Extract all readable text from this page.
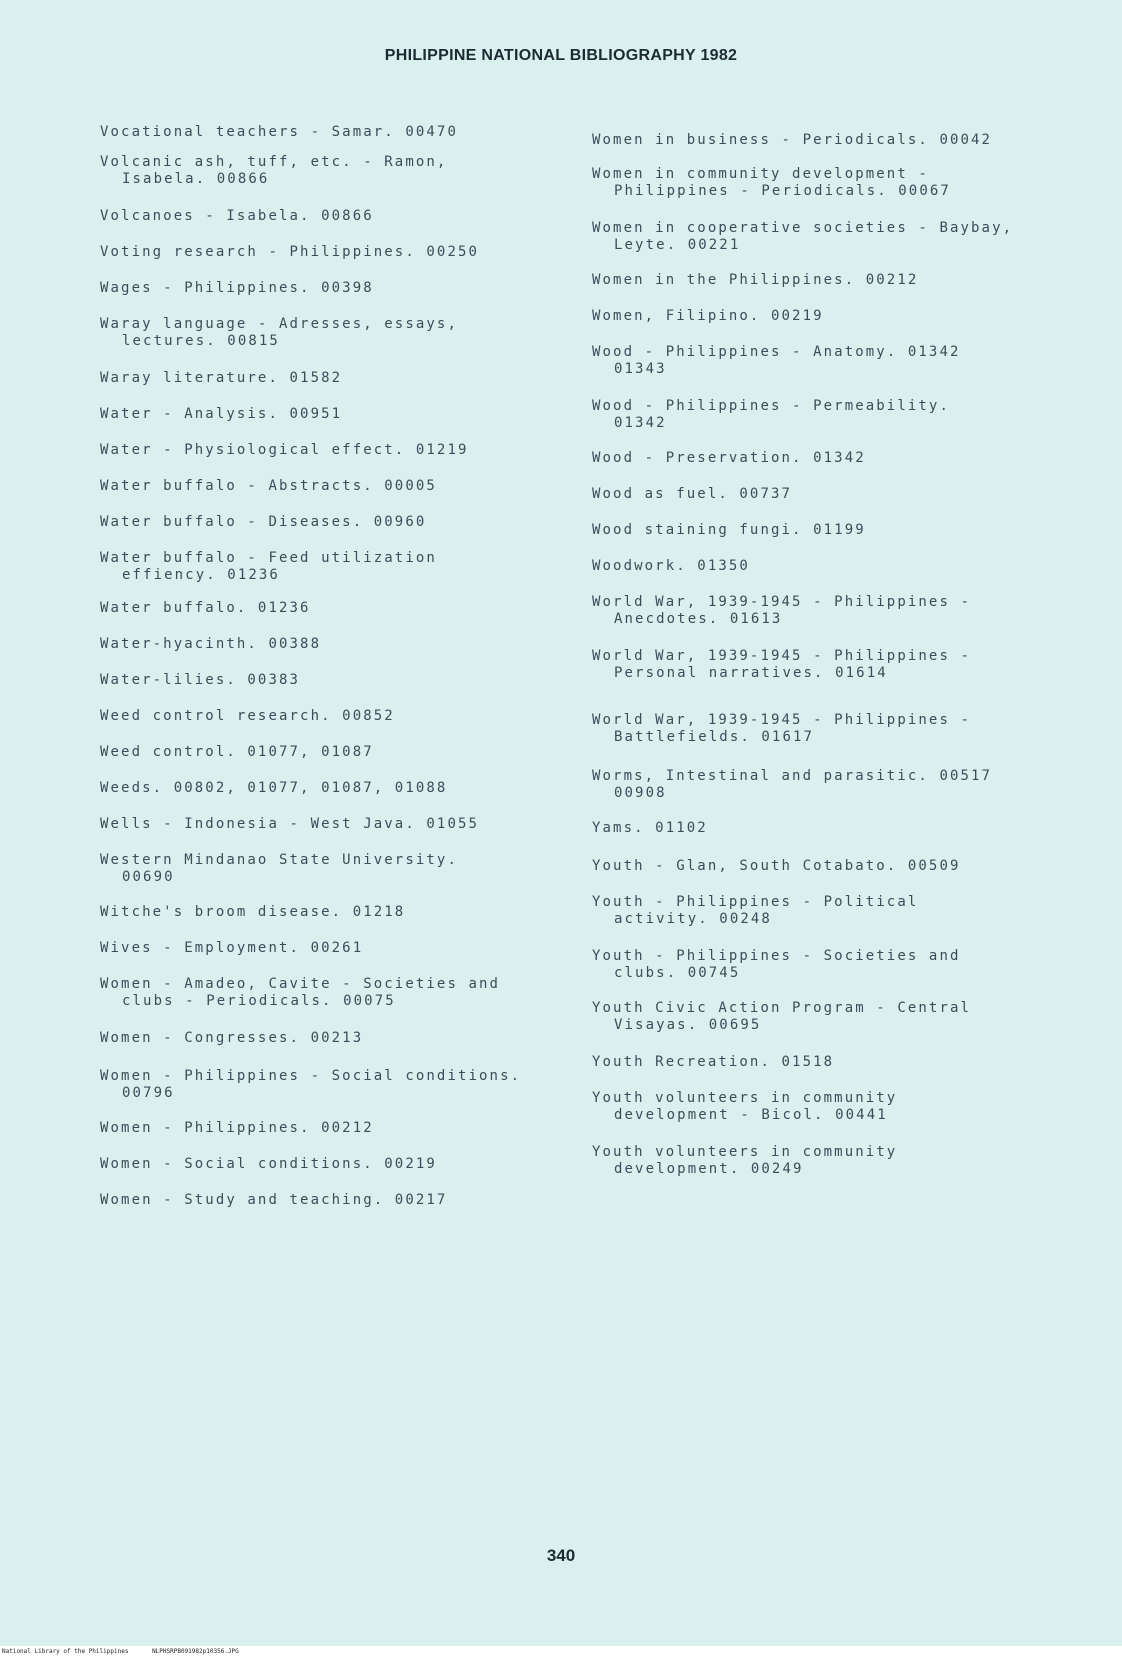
PHILIPPINE NATIONAL BIBLIOGRAPHY 1982
Vocational teachers - Samar. 00470
Volcanic ash, tuff, etc. - Ramon,
Isabela. 00866
Volcanoes - Isabela. 00866
Voting research - Philippines. 00250
Wages - Philippines. 00398
Waray language - Adresses, essays,
lectures. 00815
Waray literature. 01582
Water - Analysis. 00951
Water - Physiological effect. 01219
Water buffalo - Abstracts. 00005
Water buffalo - Diseases. 00960
Water buffalo - Feed utilization
effiency. 01236
Water buffalo. 01236
Water-hyacinth. 00388
Water-lilies. 00383
Weed control research. 00852
Weed control. 01077, 01087
Weeds. 00802, 01077, 01087, 01088
Wells - Indonesia - West Java. 01055
Western Mindanao State University.
00690
Witche's broom disease. 01218
Wives - Employment. 00261
Women - Amadeo, Cavite - Societies and
clubs - Periodicals. 00075
Women - Congresses. 00213
Women - Philippines - Social conditions.
00796
Women - Philippines. 00212
Women - Social conditions. 00219
Women - Study and teaching. 00217
Women in business - Periodicals. 00042
Women in community development -
Philippines - Periodicals. 00067
Women in cooperative societies - Baybay,
Leyte. 00221
Women in the Philippines. 00212
Women, Filipino. 00219
Wood - Philippines - Anatomy. 01342
01343
Wood - Philippines - Permeability.
01342
Wood - Preservation. 01342
Wood as fuel. 00737
Wood staining fungi. 01199
Woodwork. 01350
World War, 1939-1945 - Philippines -
Anecdotes. 01613
World War, 1939-1945 - Philippines -
Personal narratives. 01614
World War, 1939-1945 - Philippines -
Battlefields. 01617
Worms, Intestinal and parasitic. 00517
00908
Yams. 01102
Youth - Glan, South Cotabato. 00509
Youth - Philippines - Political
activity. 00248
Youth - Philippines - Societies and
clubs. 00745
Youth Civic Action Program - Central
Visayas. 00695
Youth Recreation. 01518
Youth volunteers in community
development - Bicol. 00441
Youth volunteers in community
development. 00249
340
National Library of the Philippines	NLPHSRPB091982p10356.JPG
